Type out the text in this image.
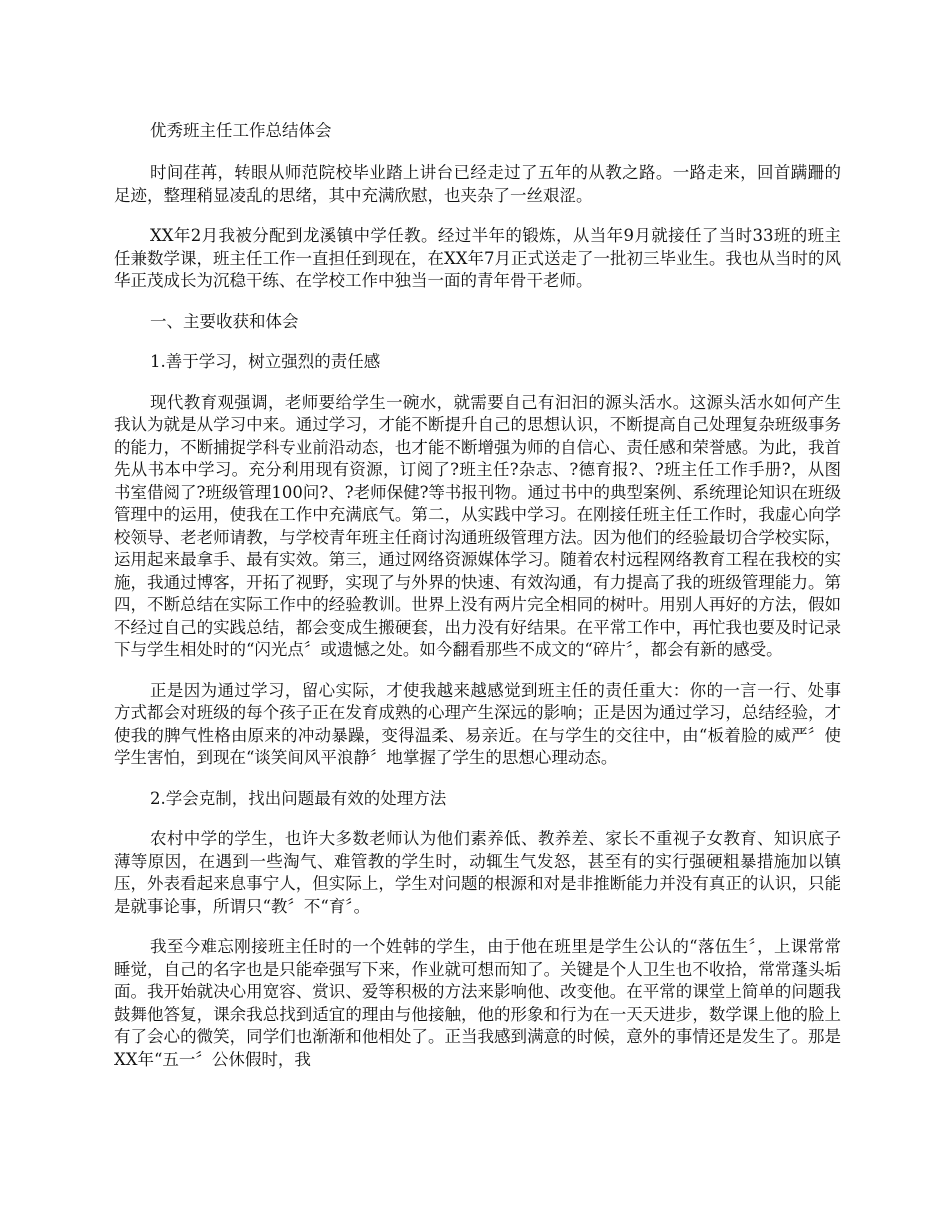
优秀班主任工作总结体会

时间荏苒，转眼从师范院校毕业踏上讲台已经走过了五年的从教之路。一路走来，回首蹒跚的足迹，整理稍显凌乱的思绪，其中充满欣慰，也夹杂了一丝艰涩。

XX年2月我被分配到龙溪镇中学任教。经过半年的锻炼，从当年9月就接任了当时33班的班主任兼数学课，班主任工作一直担任到现在，在XX年7月正式送走了一批初三毕业生。我也从当时的风华正茂成长为沉稳干练、在学校工作中独当一面的青年骨干老师。

一、主要收获和体会

1.善于学习，树立强烈的责任感

现代教育观强调，老师要给学生一碗水，就需要自己有汩汩的源头活水。这源头活水如何产生我认为就是从学习中来。通过学习，才能不断提升自己的思想认识，不断提高自己处理复杂班级事务的能力，不断捕捉学科专业前沿动态，也才能不断增强为师的自信心、责任感和荣誉感。为此，我首先从书本中学习。充分利用现有资源，订阅了?班主任?杂志、?德育报?、?班主任工作手册?，从图书室借阅了?班级管理100问?、?老师保健?等书报刊物。通过书中的典型案例、系统理论知识在班级管理中的运用，使我在工作中充满底气。第二，从实践中学习。在刚接任班主任工作时，我虚心向学校领导、老老师请教，与学校青年班主任商讨沟通班级管理方法。因为他们的经验最切合学校实际，运用起来最拿手、最有实效。第三，通过网络资源媒体学习。随着农村远程网络教育工程在我校的实施，我通过博客，开拓了视野，实现了与外界的快速、有效沟通，有力提高了我的班级管理能力。第四，不断总结在实际工作中的经验教训。世界上没有两片完全相同的树叶。用别人再好的方法，假如不经过自己的实践总结，都会变成生搬硬套，出力没有好结果。在平常工作中，再忙我也要及时记录下与学生相处时的“闪光点〞或遗憾之处。如今翻看那些不成文的“碎片〞，都会有新的感受。

正是因为通过学习，留心实际，才使我越来越感觉到班主任的责任重大：你的一言一行、处事方式都会对班级的每个孩子正在发育成熟的心理产生深远的影响；正是因为通过学习，总结经验，才使我的脾气性格由原来的冲动暴躁，变得温柔、易亲近。在与学生的交往中，由“板着脸的威严〞使学生害怕，到现在“谈笑间风平浪静〞地掌握了学生的思想心理动态。

2.学会克制，找出问题最有效的处理方法

农村中学的学生，也许大多数老师认为他们素养低、教养差、家长不重视子女教育、知识底子薄等原因，在遇到一些淘气、难管教的学生时，动辄生气发怒，甚至有的实行强硬粗暴措施加以镇压，外表看起来息事宁人，但实际上，学生对问题的根源和对是非推断能力并没有真正的认识，只能是就事论事，所谓只“教〞不“育〞。

我至今难忘刚接班主任时的一个姓韩的学生，由于他在班里是学生公认的“落伍生〞，上课常常睡觉，自己的名字也是只能牵强写下来，作业就可想而知了。关键是个人卫生也不收拾，常常蓬头垢面。我开始就决心用宽容、赏识、爱等积极的方法来影响他、改变他。在平常的课堂上简单的问题我鼓舞他答复，课余我总找到适宜的理由与他接触，他的形象和行为在一天天进步，数学课上他的脸上有了会心的微笑，同学们也渐渐和他相处了。正当我感到满意的时候，意外的事情还是发生了。那是XX年“五一〞公休假时，我
